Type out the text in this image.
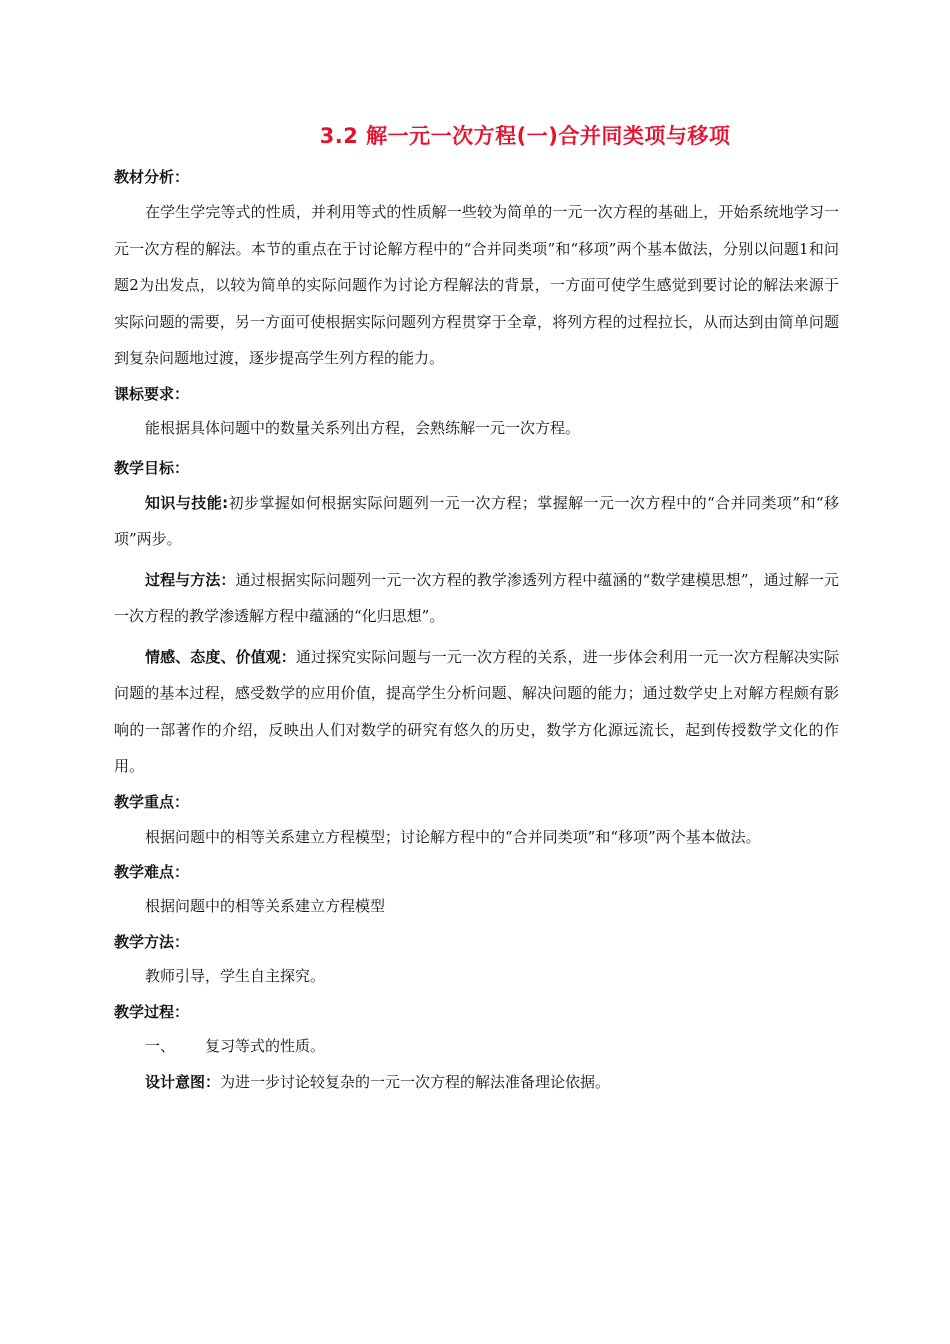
3.2 解一元一次方程(一)合并同类项与移项
教材分析：
在学生学完等式的性质，并利用等式的性质解一些较为简单的一元一次方程的基础上，开始系统地学习一元一次方程的解法。本节的重点在于讨论解方程中的“合并同类项”和“移项”两个基本做法，分别以问题1和问题2为出发点，以较为简单的实际问题作为讨论方程解法的背景，一方面可使学生感觉到要讨论的解法来源于实际问题的需要，另一方面可使根据实际问题列方程贯穿于全章，将列方程的过程拉长，从而达到由简单问题到复杂问题地过渡，逐步提高学生列方程的能力。
课标要求：
能根据具体问题中的数量关系列出方程，会熟练解一元一次方程。
教学目标：
知识与技能:初步掌握如何根据实际问题列一元一次方程；掌握解一元一次方程中的“合并同类项”和“移项”两步。
过程与方法：通过根据实际问题列一元一次方程的教学渗透列方程中蕴涵的“数学建模思想”，通过解一元一次方程的教学渗透解方程中蕴涵的“化归思想”。
情感、态度、价值观：通过探究实际问题与一元一次方程的关系，进一步体会利用一元一次方程解决实际问题的基本过程，感受数学的应用价值，提高学生分析问题、解决问题的能力；通过数学史上对解方程颇有影响的一部著作的介绍，反映出人们对数学的研究有悠久的历史，数学方化源远流长，起到传授数学文化的作用。
教学重点：
根据问题中的相等关系建立方程模型；讨论解方程中的“合并同类项”和“移项”两个基本做法。
教学难点：
根据问题中的相等关系建立方程模型
教学方法：
教师引导，学生自主探究。
教学过程：
一、 复习等式的性质。
设计意图：为进一步讨论较复杂的一元一次方程的解法准备理论依据。
